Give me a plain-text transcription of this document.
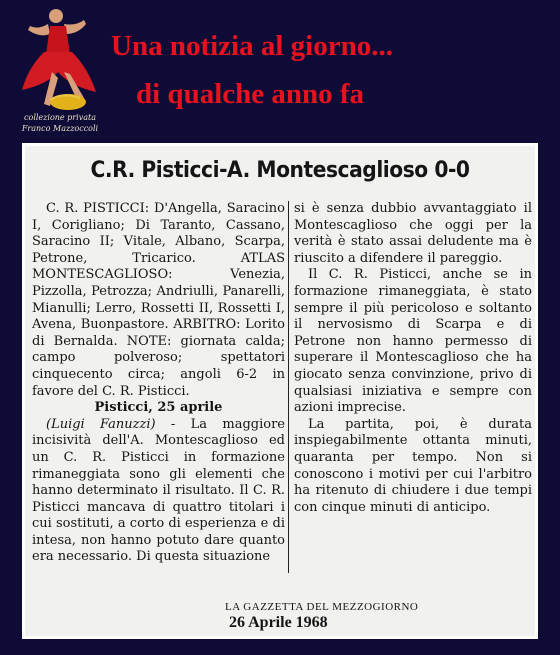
collezione privata
Franco Mazzoccoli
Una notizia al giorno...
di qualche anno fa
C.R. Pisticci-A. Montescaglioso 0-0

C. R. PISTICCI: D'Angella, Saracino I, Corigliano; Di Taranto, Cassano, Saracino II; Vitale, Albano, Scarpa, Petrone, Tricarico. ATLAS MONTESCAGLIOSO: Venezia, Pizzolla, Petrozza; Andriulli, Panarelli, Mianulli; Lerro, Rossetti II, Rossetti I, Avena, Buonpastore. ARBITRO: Lorito di Bernalda. NOTE: giornata calda; campo polveroso; spettatori cinquecento circa; angoli 6-2 in favore del C. R. Pisticci.

Pisticci, 25 aprile

(Luigi Fanuzzi) - La maggiore incisività dell'A. Montescaglioso ed un C. R. Pisticci in formazione rimaneggiata sono gli elementi che hanno determinato il risultato. Il C. R. Pisticci mancava di quattro titolari i cui sostituti, a corto di esperienza e di intesa, non hanno potuto dare quanto era necessario. Di questa situazione

si è senza dubbio avvantaggiato il Montescaglioso che oggi per la verità è stato assai deludente ma è riuscito a difendere il pareggio.

Il C. R. Pisticci, anche se in formazione rimaneggiata, è stato sempre il più pericoloso e soltanto il nervosismo di Scarpa e di Petrone non hanno permesso di superare il Montescaglioso che ha giocato senza convinzione, privo di qualsiasi iniziativa e sempre con azioni imprecise.

La partita, poi, è durata inspiegabilmente ottanta minuti, quaranta per tempo. Non si conoscono i motivi per cui l'arbitro ha ritenuto di chiudere i due tempi con cinque minuti di anticipo.

LA GAZZETTA DEL MEZZOGIORNO
26 Aprile 1968
